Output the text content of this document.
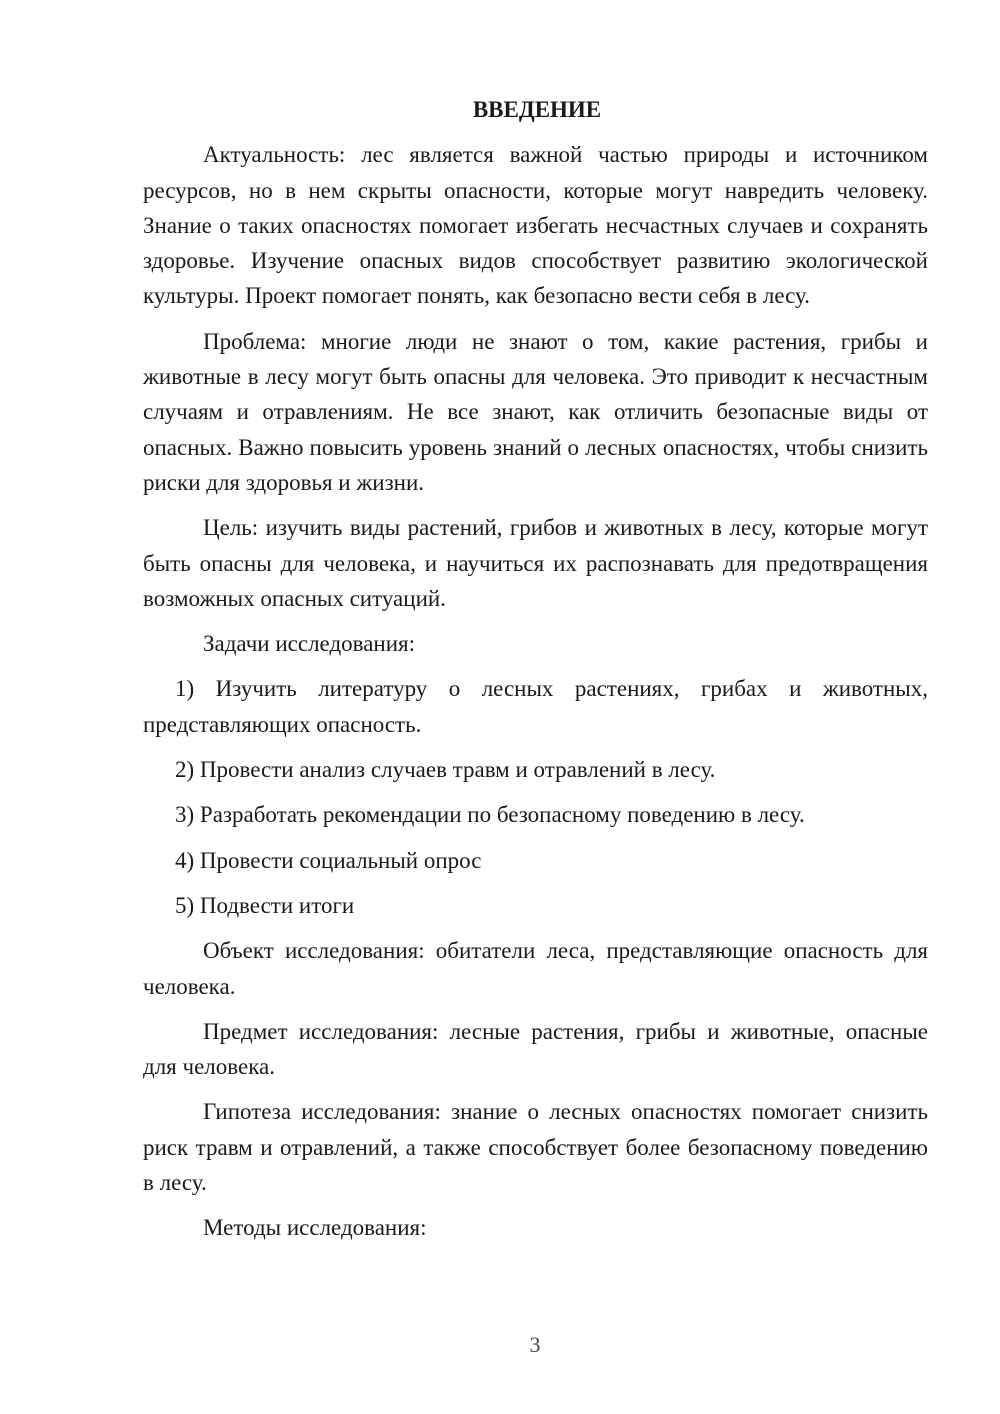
ВВЕДЕНИЕ

Актуальность: лес является важной частью природы и источником ресурсов, но в нем скрыты опасности, которые могут навредить человеку. Знание о таких опасностях помогает избегать несчастных случаев и сохранять здоровье. Изучение опасных видов способствует развитию экологической культуры. Проект помогает понять, как безопасно вести себя в лесу.

Проблема: многие люди не знают о том, какие растения, грибы и животные в лесу могут быть опасны для человека. Это приводит к несчастным случаям и отравлениям. Не все знают, как отличить безопасные виды от опасных. Важно повысить уровень знаний о лесных опасностях, чтобы снизить риски для здоровья и жизни.

Цель: изучить виды растений, грибов и животных в лесу, которые могут быть опасны для человека, и научиться их распознавать для предотвращения возможных опасных ситуаций.

Задачи исследования:

1) Изучить литературу о лесных растениях, грибах и животных, представляющих опасность.

2) Провести анализ случаев травм и отравлений в лесу.

3) Разработать рекомендации по безопасному поведению в лесу.

4) Провести социальный опрос

5) Подвести итоги

Объект исследования: обитатели леса, представляющие опасность для человека.

Предмет исследования: лесные растения, грибы и животные, опасные для человека.

Гипотеза исследования: знание о лесных опасностях помогает снизить риск травм и отравлений, а также способствует более безопасному поведению в лесу.

Методы исследования:

3
